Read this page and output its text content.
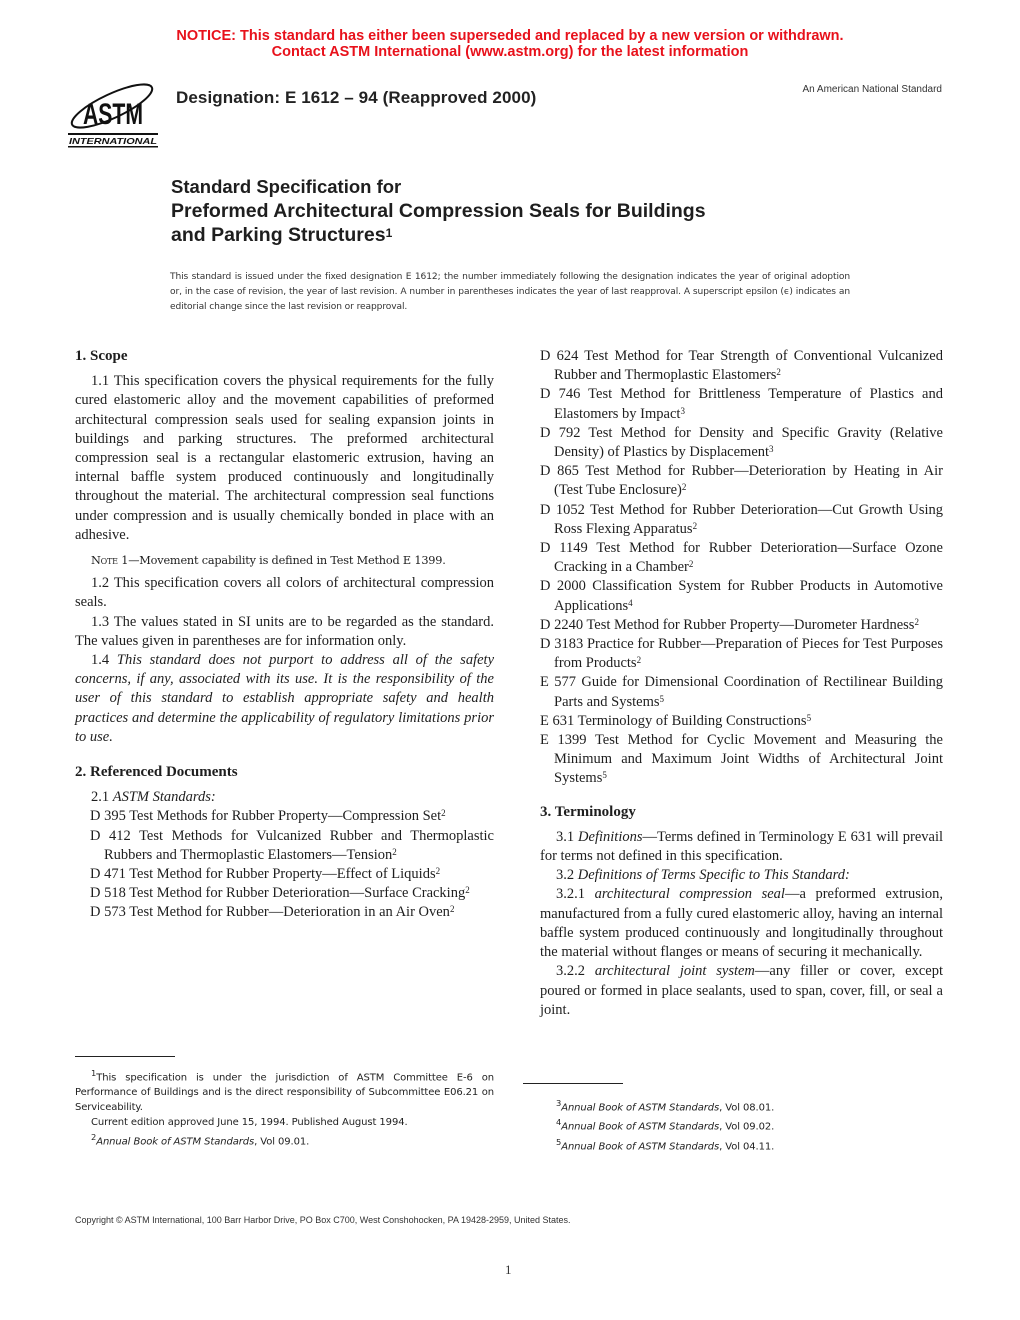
NOTICE: This standard has either been superseded and replaced by a new version or withdrawn.
Contact ASTM International (www.astm.org) for the latest information
ASTM
INTERNATIONAL
Designation: E 1612 – 94 (Reapproved 2000)	An American National Standard
Standard Specification for
Preformed Architectural Compression Seals for Buildings
and Parking Structures$^1$
This standard is issued under the fixed designation E 1612; the number immediately following the designation indicates the year of original adoption or, in the case of revision, the year of last revision. A number in parentheses indicates the year of last reapproval. A superscript epsilon (ϵ) indicates an editorial change since the last revision or reapproval.
1. Scope

1.1 This specification covers the physical requirements for the fully cured elastomeric alloy and the movement capabilities of preformed architectural compression seals used for sealing expansion joints in buildings and parking structures. The preformed architectural compression seal is a rectangular elastomeric extrusion, having an internal baffle system produced continuously and longitudinally throughout the material. The architectural compression seal functions under compression and is usually chemically bonded in place with an adhesive.

Note 1—Movement capability is defined in Test Method E 1399.

1.2 This specification covers all colors of architectural compression seals.

1.3 The values stated in SI units are to be regarded as the standard. The values given in parentheses are for information only.

1.4 This standard does not purport to address all of the safety concerns, if any, associated with its use. It is the responsibility of the user of this standard to establish appropriate safety and health practices and determine the applicability of regulatory limitations prior to use.

2. Referenced Documents

2.1 ASTM Standards:

D 395 Test Methods for Rubber Property—Compression Set$^2$

D 412 Test Methods for Vulcanized Rubber and Thermoplastic Rubbers and Thermoplastic Elastomers—Tension$^2$

D 471 Test Method for Rubber Property—Effect of Liquids$^2$

D 518 Test Method for Rubber Deterioration—Surface Cracking$^2$

D 573 Test Method for Rubber—Deterioration in an Air Oven$^2$

D 624 Test Method for Tear Strength of Conventional Vulcanized Rubber and Thermoplastic Elastomers$^2$

D 746 Test Method for Brittleness Temperature of Plastics and Elastomers by Impact$^3$

D 792 Test Method for Density and Specific Gravity (Relative Density) of Plastics by Displacement$^3$

D 865 Test Method for Rubber—Deterioration by Heating in Air (Test Tube Enclosure)$^2$

D 1052 Test Method for Rubber Deterioration—Cut Growth Using Ross Flexing Apparatus$^2$

D 1149 Test Method for Rubber Deterioration—Surface Ozone Cracking in a Chamber$^2$

D 2000 Classification System for Rubber Products in Automotive Applications$^4$

D 2240 Test Method for Rubber Property—Durometer Hardness$^2$

D 3183 Practice for Rubber—Preparation of Pieces for Test Purposes from Products$^2$

E 577 Guide for Dimensional Coordination of Rectilinear Building Parts and Systems$^5$

E 631 Terminology of Building Constructions$^5$

E 1399 Test Method for Cyclic Movement and Measuring the Minimum and Maximum Joint Widths of Architectural Joint Systems$^5$

3. Terminology

3.1 Definitions—Terms defined in Terminology E 631 will prevail for terms not defined in this specification.

3.2 Definitions of Terms Specific to This Standard:

3.2.1 architectural compression seal—a preformed extrusion, manufactured from a fully cured elastomeric alloy, having an internal baffle system produced continuously and longitudinally throughout the material without flanges or means of securing it mechanically.

3.2.2 architectural joint system—any filler or cover, except poured or formed in place sealants, used to span, cover, fill, or seal a joint.

$^1$This specification is under the jurisdiction of ASTM Committee E-6 on Performance of Buildings and is the direct responsibility of Subcommittee E06.21 on Serviceability.
Current edition approved June 15, 1994. Published August 1994.
$^2$Annual Book of ASTM Standards, Vol 09.01.
$^3$Annual Book of ASTM Standards, Vol 08.01.
$^4$Annual Book of ASTM Standards, Vol 09.02.
$^5$Annual Book of ASTM Standards, Vol 04.11.
Copyright © ASTM International, 100 Barr Harbor Drive, PO Box C700, West Conshohocken, PA 19428-2959, United States.
1
